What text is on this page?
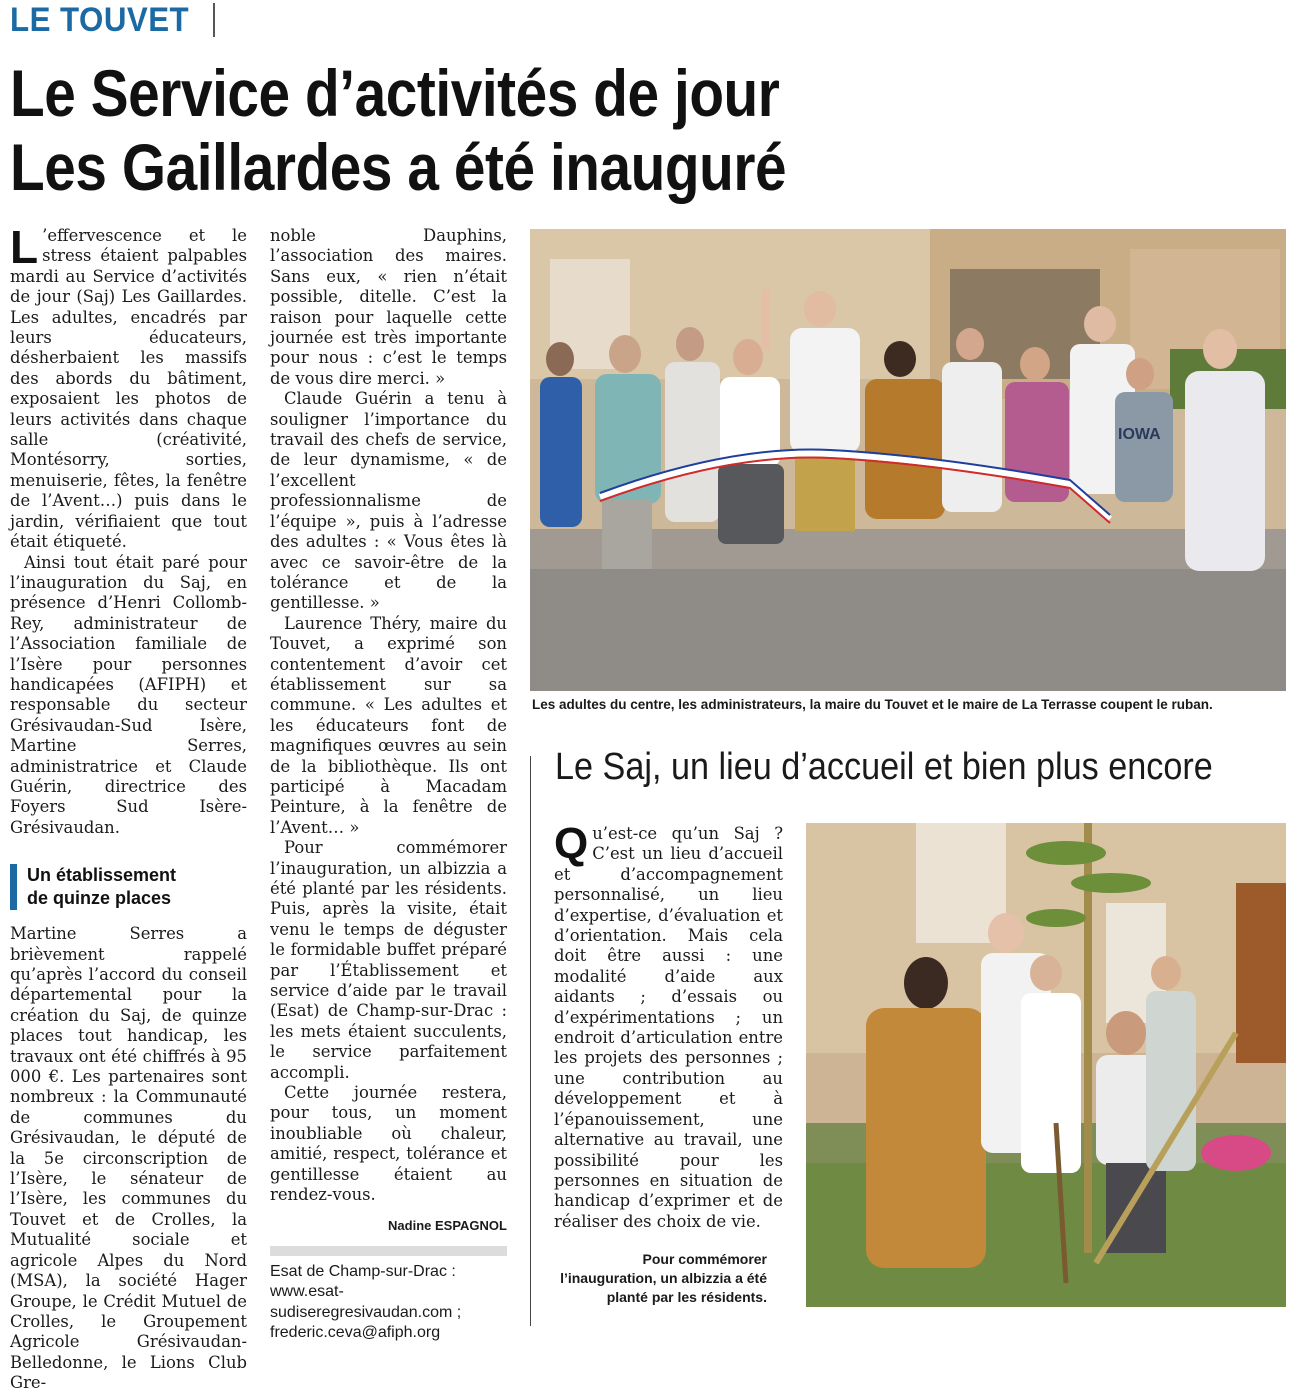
LE TOUVET
Le Service d’activités de jour
Les Gaillardes a été inauguré

L ’effervescence et le stress étaient palpables mardi au Service d’activités de jour (Saj) Les Gaillardes. Les adultes, encadrés par leurs éducateurs, désherbaient les massifs des abords du bâtiment, exposaient les photos de leurs activités dans chaque salle (créativité, Montésorry, sorties, menuiserie, fêtes, la fenêtre de l’Avent…) puis dans le jardin, vérifiaient que tout était étiqueté.

Ainsi tout était paré pour l’inauguration du Saj, en présence d’Henri Collomb-Rey, administrateur de l’Association familiale de l’Isère pour personnes handicapées (AFIPH) et responsable du secteur Grésivaudan-Sud Isère, Martine Serres, administratrice et Claude Guérin, directrice des Foyers Sud Isère-Grésivaudan.

Un établissement
de quinze places

Martine Serres a brièvement rappelé qu’après l’accord du conseil départemental pour la création du Saj, de quinze places tout handicap, les travaux ont été chiffrés à 95 000 €. Les partenaires sont nombreux : la Communauté de communes du Grésivaudan, le député de la 5e circonscription de l’Isère, le sénateur de l’Isère, les communes du Touvet et de Crolles, la Mutualité sociale et agricole Alpes du Nord (MSA), la société Hager Groupe, le Crédit Mutuel de Crolles, le Groupement Agricole Grésivaudan-Belledonne, le Lions Club Gre-

noble Dauphins, l’association des maires. Sans eux, « rien n’était possible, ditelle. C’est la raison pour laquelle cette journée est très importante pour nous : c’est le temps de vous dire merci. »

Claude Guérin a tenu à souligner l’importance du travail des chefs de service, de leur dynamisme, « de l’excellent professionnalisme de l’équipe », puis à l’adresse des adultes : « Vous êtes là avec ce savoir-être de la tolérance et de la gentillesse. »

Laurence Théry, maire du Touvet, a exprimé son contentement d’avoir cet établissement sur sa commune. « Les adultes et les éducateurs font de magnifiques œuvres au sein de la bibliothèque. Ils ont participé à Macadam Peinture, à la fenêtre de l’Avent… »

Pour commémorer l’inauguration, un albizzia a été planté par les résidents. Puis, après la visite, était venu le temps de déguster le formidable buffet préparé par l’Établissement et service d’aide par le travail (Esat) de Champ-sur-Drac : les mets étaient succulents, le service parfaitement accompli.

Cette journée restera, pour tous, un moment inoubliable où chaleur, amitié, respect, tolérance et gentillesse étaient au rendez-vous.

Nadine ESPAGNOL
Esat de Champ-sur-Drac : www.esat-sudiseregresivaudan.com ; frederic.ceva@afiph.org
IOWA
Les adultes du centre, les administrateurs, la maire du Touvet et le maire de La Terrasse coupent le ruban.
Le Saj, un lieu d’accueil et bien plus encore

Qu’est-ce qu’un Saj ? C’est un lieu d’accueil et d’accompagnement personnalisé, un lieu d’expertise, d’évaluation et d’orientation. Mais cela doit être aussi : une modalité d’aide aux aidants ; d’essais ou d’expérimentations ; un endroit d’articulation entre les projets des personnes ; une contribution au développement et à l’épanouissement, une alternative au travail, une possibilité pour les personnes en situation de handicap d’exprimer et de réaliser des choix de vie.

Pour commémorer l’inauguration, un albizzia a été planté par les résidents.
